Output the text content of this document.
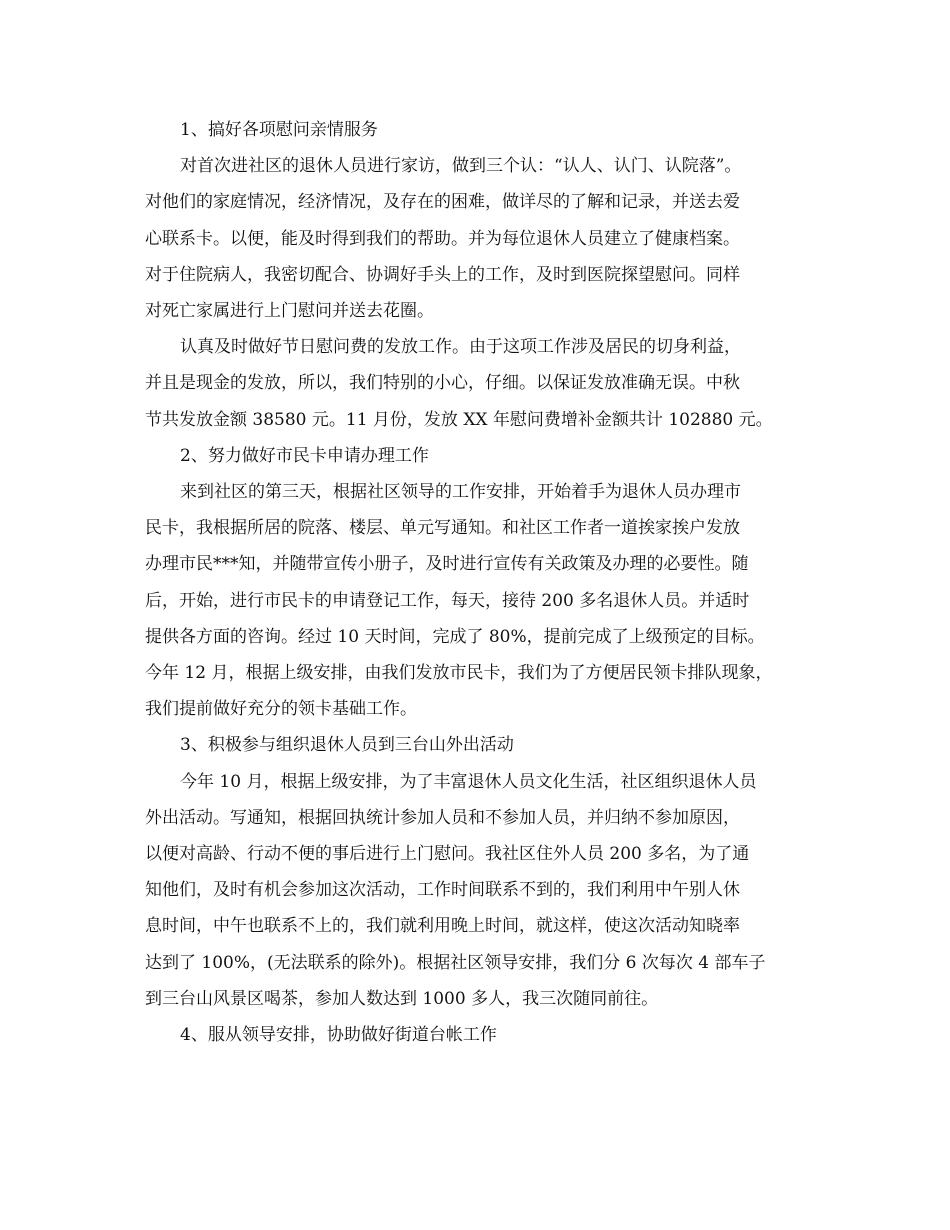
1、搞好各项慰问亲情服务
对首次进社区的退休人员进行家访，做到三个认：“认人、认门、认院落”。
对他们的家庭情况，经济情况，及存在的困难，做详尽的了解和记录，并送去爱
心联系卡。以便，能及时得到我们的帮助。并为每位退休人员建立了健康档案。
对于住院病人，我密切配合、协调好手头上的工作，及时到医院探望慰问。同样
对死亡家属进行上门慰问并送去花圈。
认真及时做好节日慰问费的发放工作。由于这项工作涉及居民的切身利益，
并且是现金的发放，所以，我们特别的小心，仔细。以保证发放准确无误。中秋
节共发放金额 38580 元。11 月份，发放 XX 年慰问费增补金额共计 102880 元。
2、努力做好市民卡申请办理工作
来到社区的第三天，根据社区领导的工作安排，开始着手为退休人员办理市
民卡，我根据所居的院落、楼层、单元写通知。和社区工作者一道挨家挨户发放
办理市民***知，并随带宣传小册子，及时进行宣传有关政策及办理的必要性。随
后，开始，进行市民卡的申请登记工作，每天，接待 200 多名退休人员。并适时
提供各方面的咨询。经过 10 天时间，完成了 80%，提前完成了上级预定的目标。
今年 12 月，根据上级安排，由我们发放市民卡，我们为了方便居民领卡排队现象，
我们提前做好充分的领卡基础工作。
3、积极参与组织退休人员到三台山外出活动
今年 10 月，根据上级安排，为了丰富退休人员文化生活，社区组织退休人员
外出活动。写通知，根据回执统计参加人员和不参加人员，并归纳不参加原因，
以便对高龄、行动不便的事后进行上门慰问。我社区住外人员 200 多名，为了通
知他们，及时有机会参加这次活动，工作时间联系不到的，我们利用中午别人休
息时间，中午也联系不上的，我们就利用晚上时间，就这样，使这次活动知晓率
达到了 100%，(无法联系的除外)。根据社区领导安排，我们分 6 次每次 4 部车子
到三台山风景区喝茶，参加人数达到 1000 多人，我三次随同前往。
4、服从领导安排，协助做好街道台帐工作
